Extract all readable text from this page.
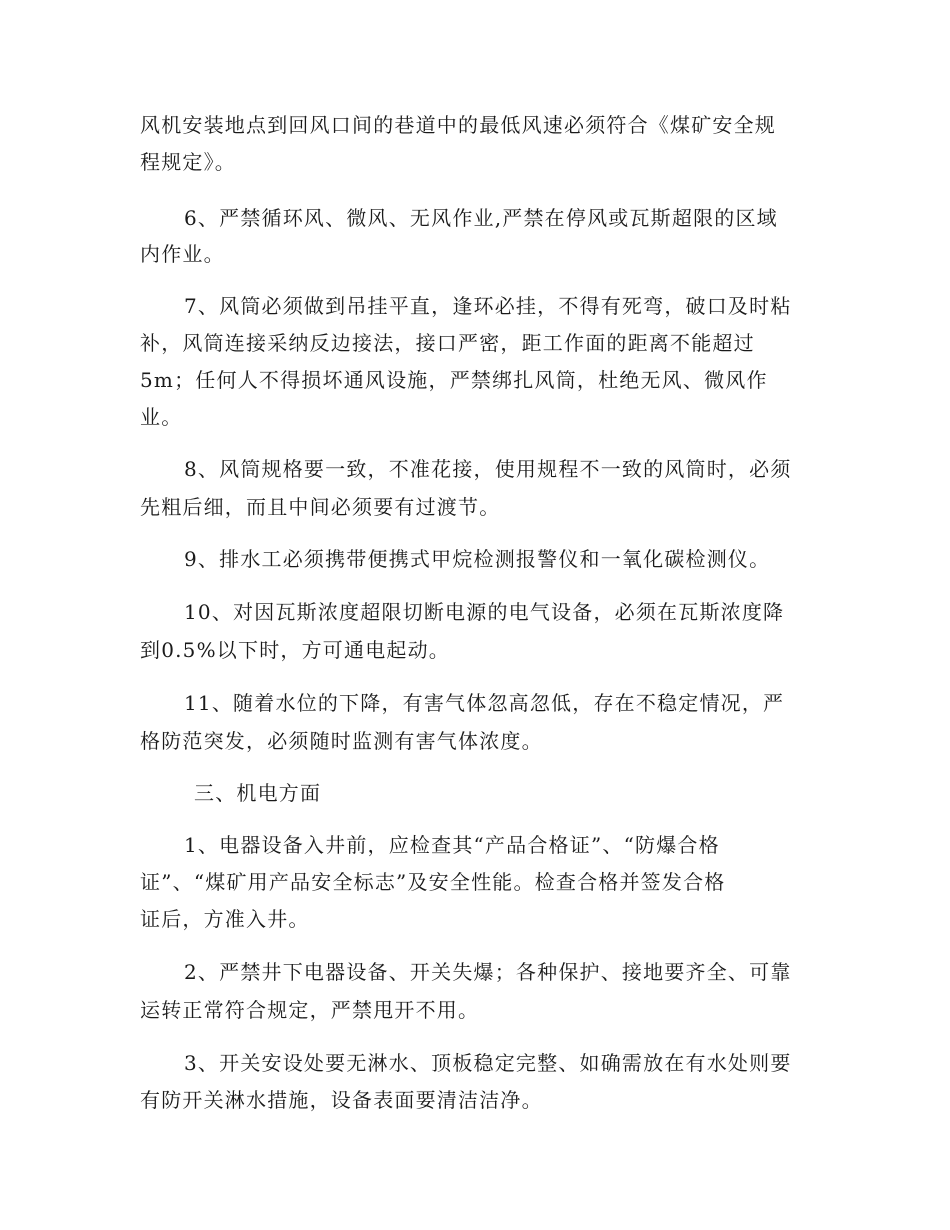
风机安装地点到回风口间的巷道中的最低风速必须符合《煤矿安全规
程规定》。
6、严禁循环风、微风、无风作业,严禁在停风或瓦斯超限的区域
内作业。
7、风筒必须做到吊挂平直，逢环必挂，不得有死弯，破口及时粘
补，风筒连接采纳反边接法，接口严密，距工作面的距离不能超过
5m；任何人不得损坏通风设施，严禁绑扎风筒，杜绝无风、微风作
业。
8、风筒规格要一致，不准花接，使用规程不一致的风筒时，必须
先粗后细，而且中间必须要有过渡节。
9、排水工必须携带便携式甲烷检测报警仪和一氧化碳检测仪。
10、对因瓦斯浓度超限切断电源的电气设备，必须在瓦斯浓度降
到0.5%以下时，方可通电起动。
11、随着水位的下降，有害气体忽高忽低，存在不稳定情况，严
格防范突发，必须随时监测有害气体浓度。
三、机电方面
1、电器设备入井前，应检查其“产品合格证”、“防爆合格
证”、“煤矿用产品安全标志”及安全性能。检查合格并签发合格
证后，方准入井。
2、严禁井下电器设备、开关失爆；各种保护、接地要齐全、可靠
运转正常符合规定，严禁甩开不用。
3、开关安设处要无淋水、顶板稳定完整、如确需放在有水处则要
有防开关淋水措施，设备表面要清洁洁净。
